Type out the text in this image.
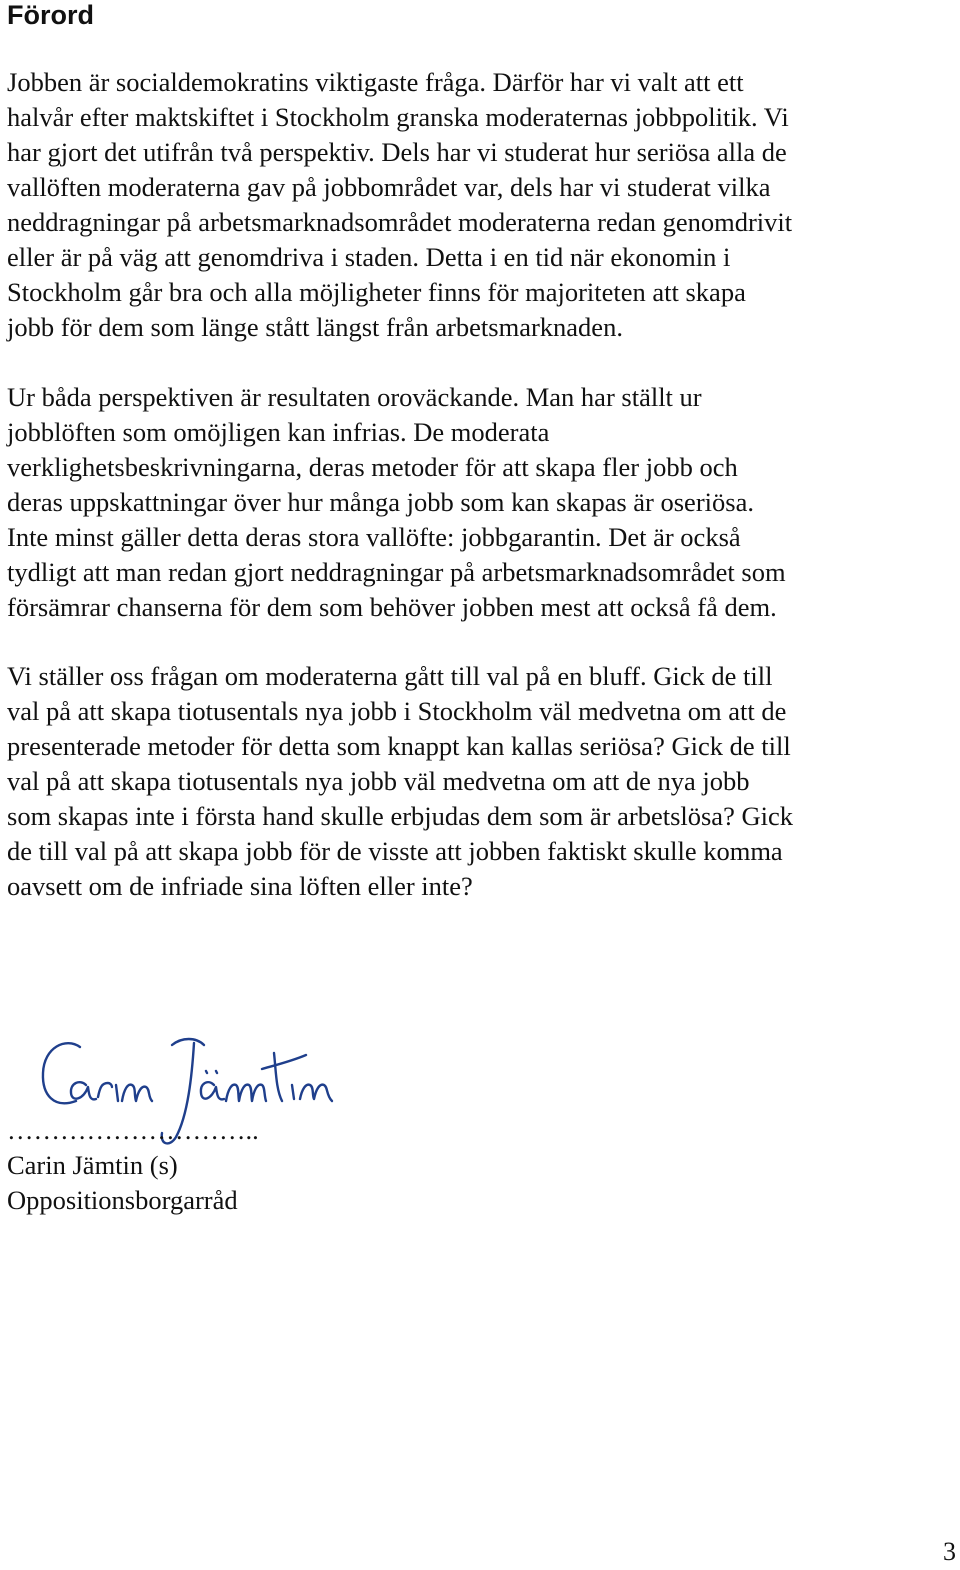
Förord

Jobben är socialdemokratins viktigaste fråga. Därför har vi valt att ett
halvår efter maktskiftet i Stockholm granska moderaternas jobbpolitik. Vi
har gjort det utifrån två perspektiv. Dels har vi studerat hur seriösa alla de
vallöften moderaterna gav på jobbområdet var, dels har vi studerat vilka
neddragningar på arbetsmarknadsområdet moderaterna redan genomdrivit
eller är på väg att genomdriva i staden. Detta i en tid när ekonomin i
Stockholm går bra och alla möjligheter finns för majoriteten att skapa
jobb för dem som länge stått längst från arbetsmarknaden.

Ur båda perspektiven är resultaten oroväckande. Man har ställt ur
jobblöften som omöjligen kan infrias. De moderata
verklighetsbeskrivningarna, deras metoder för att skapa fler jobb och
deras uppskattningar över hur många jobb som kan skapas är oseriösa.
Inte minst gäller detta deras stora vallöfte: jobbgarantin. Det är också
tydligt att man redan gjort neddragningar på arbetsmarknadsområdet som
försämrar chanserna för dem som behöver jobben mest att också få dem.

Vi ställer oss frågan om moderaterna gått till val på en bluff. Gick de till
val på att skapa tiotusentals nya jobb i Stockholm väl medvetna om att de
presenterade metoder för detta som knappt kan kallas seriösa? Gick de till
val på att skapa tiotusentals nya jobb väl medvetna om att de nya jobb
som skapas inte i första hand skulle erbjudas dem som är arbetslösa? Gick
de till val på att skapa jobb för de visste att jobben faktiskt skulle komma
oavsett om de infriade sina löften eller inte?

………………………..

Carin Jämtin (s)

Oppositionsborgarråd

3
